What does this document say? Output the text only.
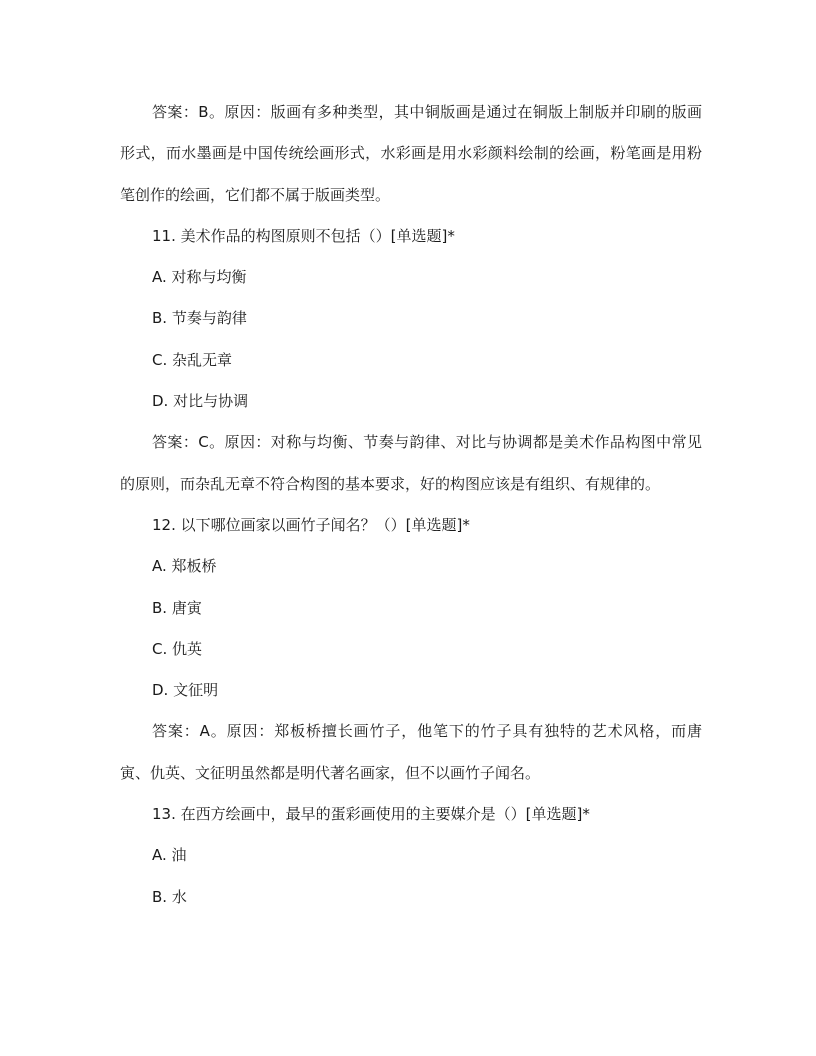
答案：B。原因：版画有多种类型，其中铜版画是通过在铜版上制版并印刷的版画形式，而水墨画是中国传统绘画形式，水彩画是用水彩颜料绘制的绘画，粉笔画是用粉笔创作的绘画，它们都不属于版画类型。
11. 美术作品的构图原则不包括（）[单选题]*
A. 对称与均衡
B. 节奏与韵律
C. 杂乱无章
D. 对比与协调
答案：C。原因：对称与均衡、节奏与韵律、对比与协调都是美术作品构图中常见的原则，而杂乱无章不符合构图的基本要求，好的构图应该是有组织、有规律的。
12. 以下哪位画家以画竹子闻名？（）[单选题]*
A. 郑板桥
B. 唐寅
C. 仇英
D. 文征明
答案：A。原因：郑板桥擅长画竹子，他笔下的竹子具有独特的艺术风格，而唐寅、仇英、文征明虽然都是明代著名画家，但不以画竹子闻名。
13. 在西方绘画中，最早的蛋彩画使用的主要媒介是（）[单选题]*
A. 油
B. 水
